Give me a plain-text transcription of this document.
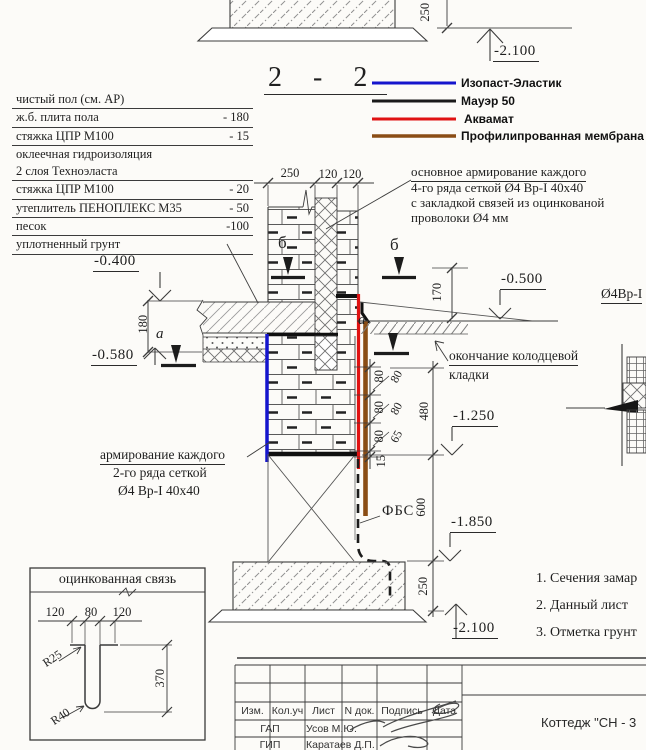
2 - 2	Изопаст-Эластик
Мауэр 50
Аквамат
Профилипрованная мембрана
чистый пол (см. АР)
ж.б. плита пола	- 180
стяжка ЦПР М100	- 15
оклеечная гидроизоляция
2 слоя Техноэласта
стяжка ЦПР М100	- 20
утеплитель ПЕНОПЛЕКС М35	- 50
песок	-100
уплотненный грунт
основное армирование каждого
4-го ряда сеткой Ø4 Вр-I 40x40
с закладкой связей из оцинкованой
проволоки Ø4 мм
окончание колодцевой
кладки
армирование каждого
2-го ряда сеткой
Ø4 Вр-I 40x40
ФБС
Ø4Вр-I
-2.100
-0.400
-0.500
-0.580
-1.250
-1.850
-2.100
250
250	120 120
180
170
80
80
80
15
80
80
65
480
600
250
б	б
а
а
оцинкованная связь
120	80	120
R25
R40
370
1. Сечения замар
2. Данный лист
3. Отметка грунт
Изм. Кол.уч Лист N док. Подпись Дата
ГАП	Усов М.Ю.
ГИП	Каратаев Д.П.
Коттедж "СН - 3
